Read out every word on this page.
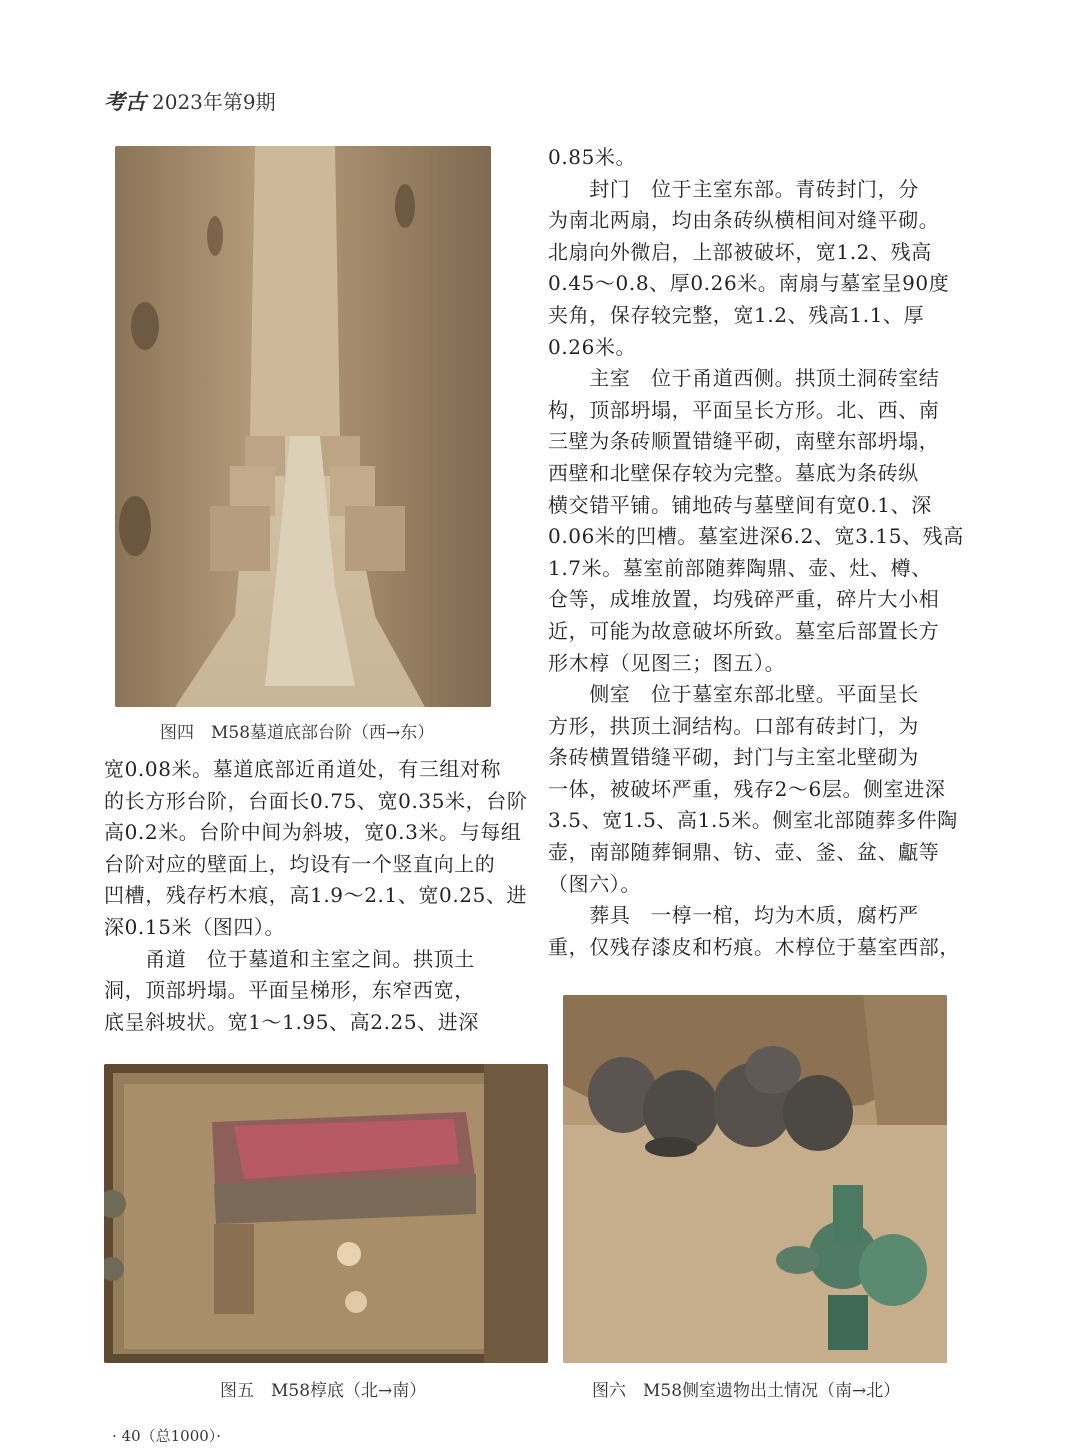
考古 2023年第9期
图四　M58墓道底部台阶（西→东）
宽0.08米。墓道底部近甬道处，有三组对称
的长方形台阶，台面长0.75、宽0.35米，台阶
高0.2米。台阶中间为斜坡，宽0.3米。与每组
台阶对应的壁面上，均设有一个竖直向上的
凹槽，残存朽木痕，高1.9～2.1、宽0.25、进
深0.15米（图四）。
　　甬道　位于墓道和主室之间。拱顶土
洞，顶部坍塌。平面呈梯形，东窄西宽，
底呈斜坡状。宽1～1.95、高2.25、进深
0.85米。
　　封门　位于主室东部。青砖封门，分
为南北两扇，均由条砖纵横相间对缝平砌。
北扇向外微启，上部被破坏，宽1.2、残高
0.45～0.8、厚0.26米。南扇与墓室呈90度
夹角，保存较完整，宽1.2、残高1.1、厚
0.26米。
　　主室　位于甬道西侧。拱顶土洞砖室结
构，顶部坍塌，平面呈长方形。北、西、南
三壁为条砖顺置错缝平砌，南壁东部坍塌，
西壁和北壁保存较为完整。墓底为条砖纵
横交错平铺。铺地砖与墓壁间有宽0.1、深
0.06米的凹槽。墓室进深6.2、宽3.15、残高
1.7米。墓室前部随葬陶鼎、壶、灶、樽、
仓等，成堆放置，均残碎严重，碎片大小相
近，可能为故意破坏所致。墓室后部置长方
形木椁（见图三；图五）。
　　侧室　位于墓室东部北壁。平面呈长
方形，拱顶土洞结构。口部有砖封门，为
条砖横置错缝平砌，封门与主室北壁砌为
一体，被破坏严重，残存2～6层。侧室进深
3.5、宽1.5、高1.5米。侧室北部随葬多件陶
壶，南部随葬铜鼎、钫、壶、釜、盆、甗等
（图六）。
　　葬具　一椁一棺，均为木质，腐朽严
重，仅残存漆皮和朽痕。木椁位于墓室西部，
图五　M58椁底（北→南）	图六　M58侧室遗物出土情况（南→北）
· 40（总1000）·
